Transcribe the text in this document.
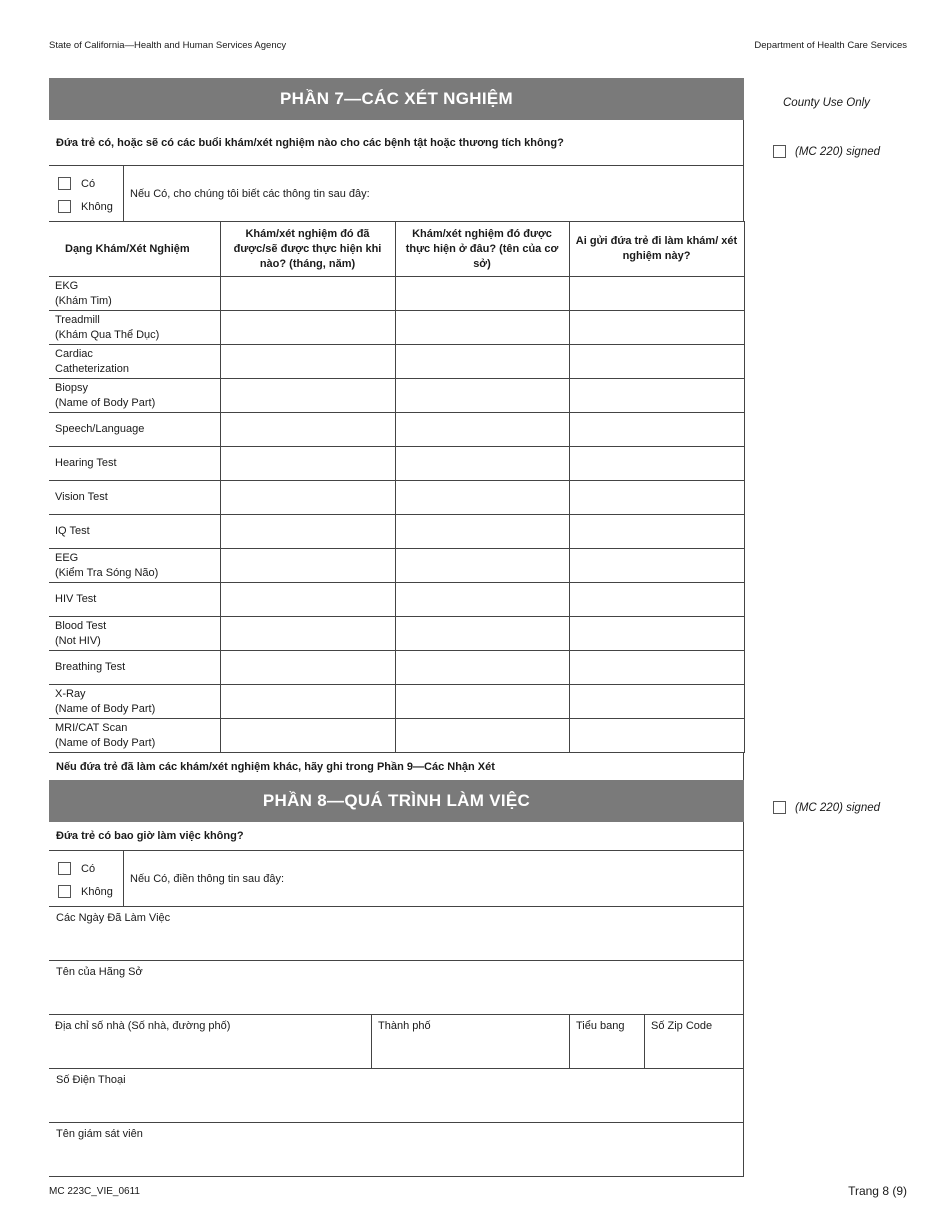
State of California—Health and Human Services Agency	Department of Health Care Services
County Use Only
(MC 220) signed
(MC 220) signed
PHẦN 7—CÁC XÉT NGHIỆM
Đứa trẻ có, hoặc sẽ có các buổi khám/xét nghiệm nào cho các bệnh tật hoặc thương tích không?
Có
Không
Nếu Có, cho chúng tôi biết các thông tin sau đây:
Dạng Khám/Xét Nghiệm	Khám/xét nghiệm đó đã được/sẽ được thực hiện khi nào? (tháng, năm)	Khám/xét nghiệm đó được thực hiện ở đâu? (tên của cơ sở)	Ai gửi đứa trẻ đi làm khám/ xét nghiệm này?

EKG
(Khám Tim)			

Treadmill
(Khám Qua Thể Dục)			

Cardiac
Catheterization			

Biopsy
(Name of Body Part)			

Speech/Language			

Hearing Test			

Vision Test			

IQ Test			

EEG
(Kiểm Tra Sóng Não)			

HIV Test			

Blood Test
(Not HIV)			

Breathing Test			

X-Ray
(Name of Body Part)			

MRI/CAT Scan
(Name of Body Part)			

Nếu đứa trẻ đã làm các khám/xét nghiệm khác, hãy ghi trong Phần 9—Các Nhận Xét
PHẦN 8—QUÁ TRÌNH LÀM VIỆC
Đứa trẻ có bao giờ làm việc không?
Có
Không
Nếu Có, điền thông tin sau đây:
Các Ngày Đã Làm Việc
Tên của Hãng Sở
Địa chỉ số nhà (Số nhà, đường phố)	Thành phố	Tiểu bang	Số Zip Code
Số Điện Thoại
Tên giám sát viên
MC 223C_VIE_0611	Trang 8 (9)
